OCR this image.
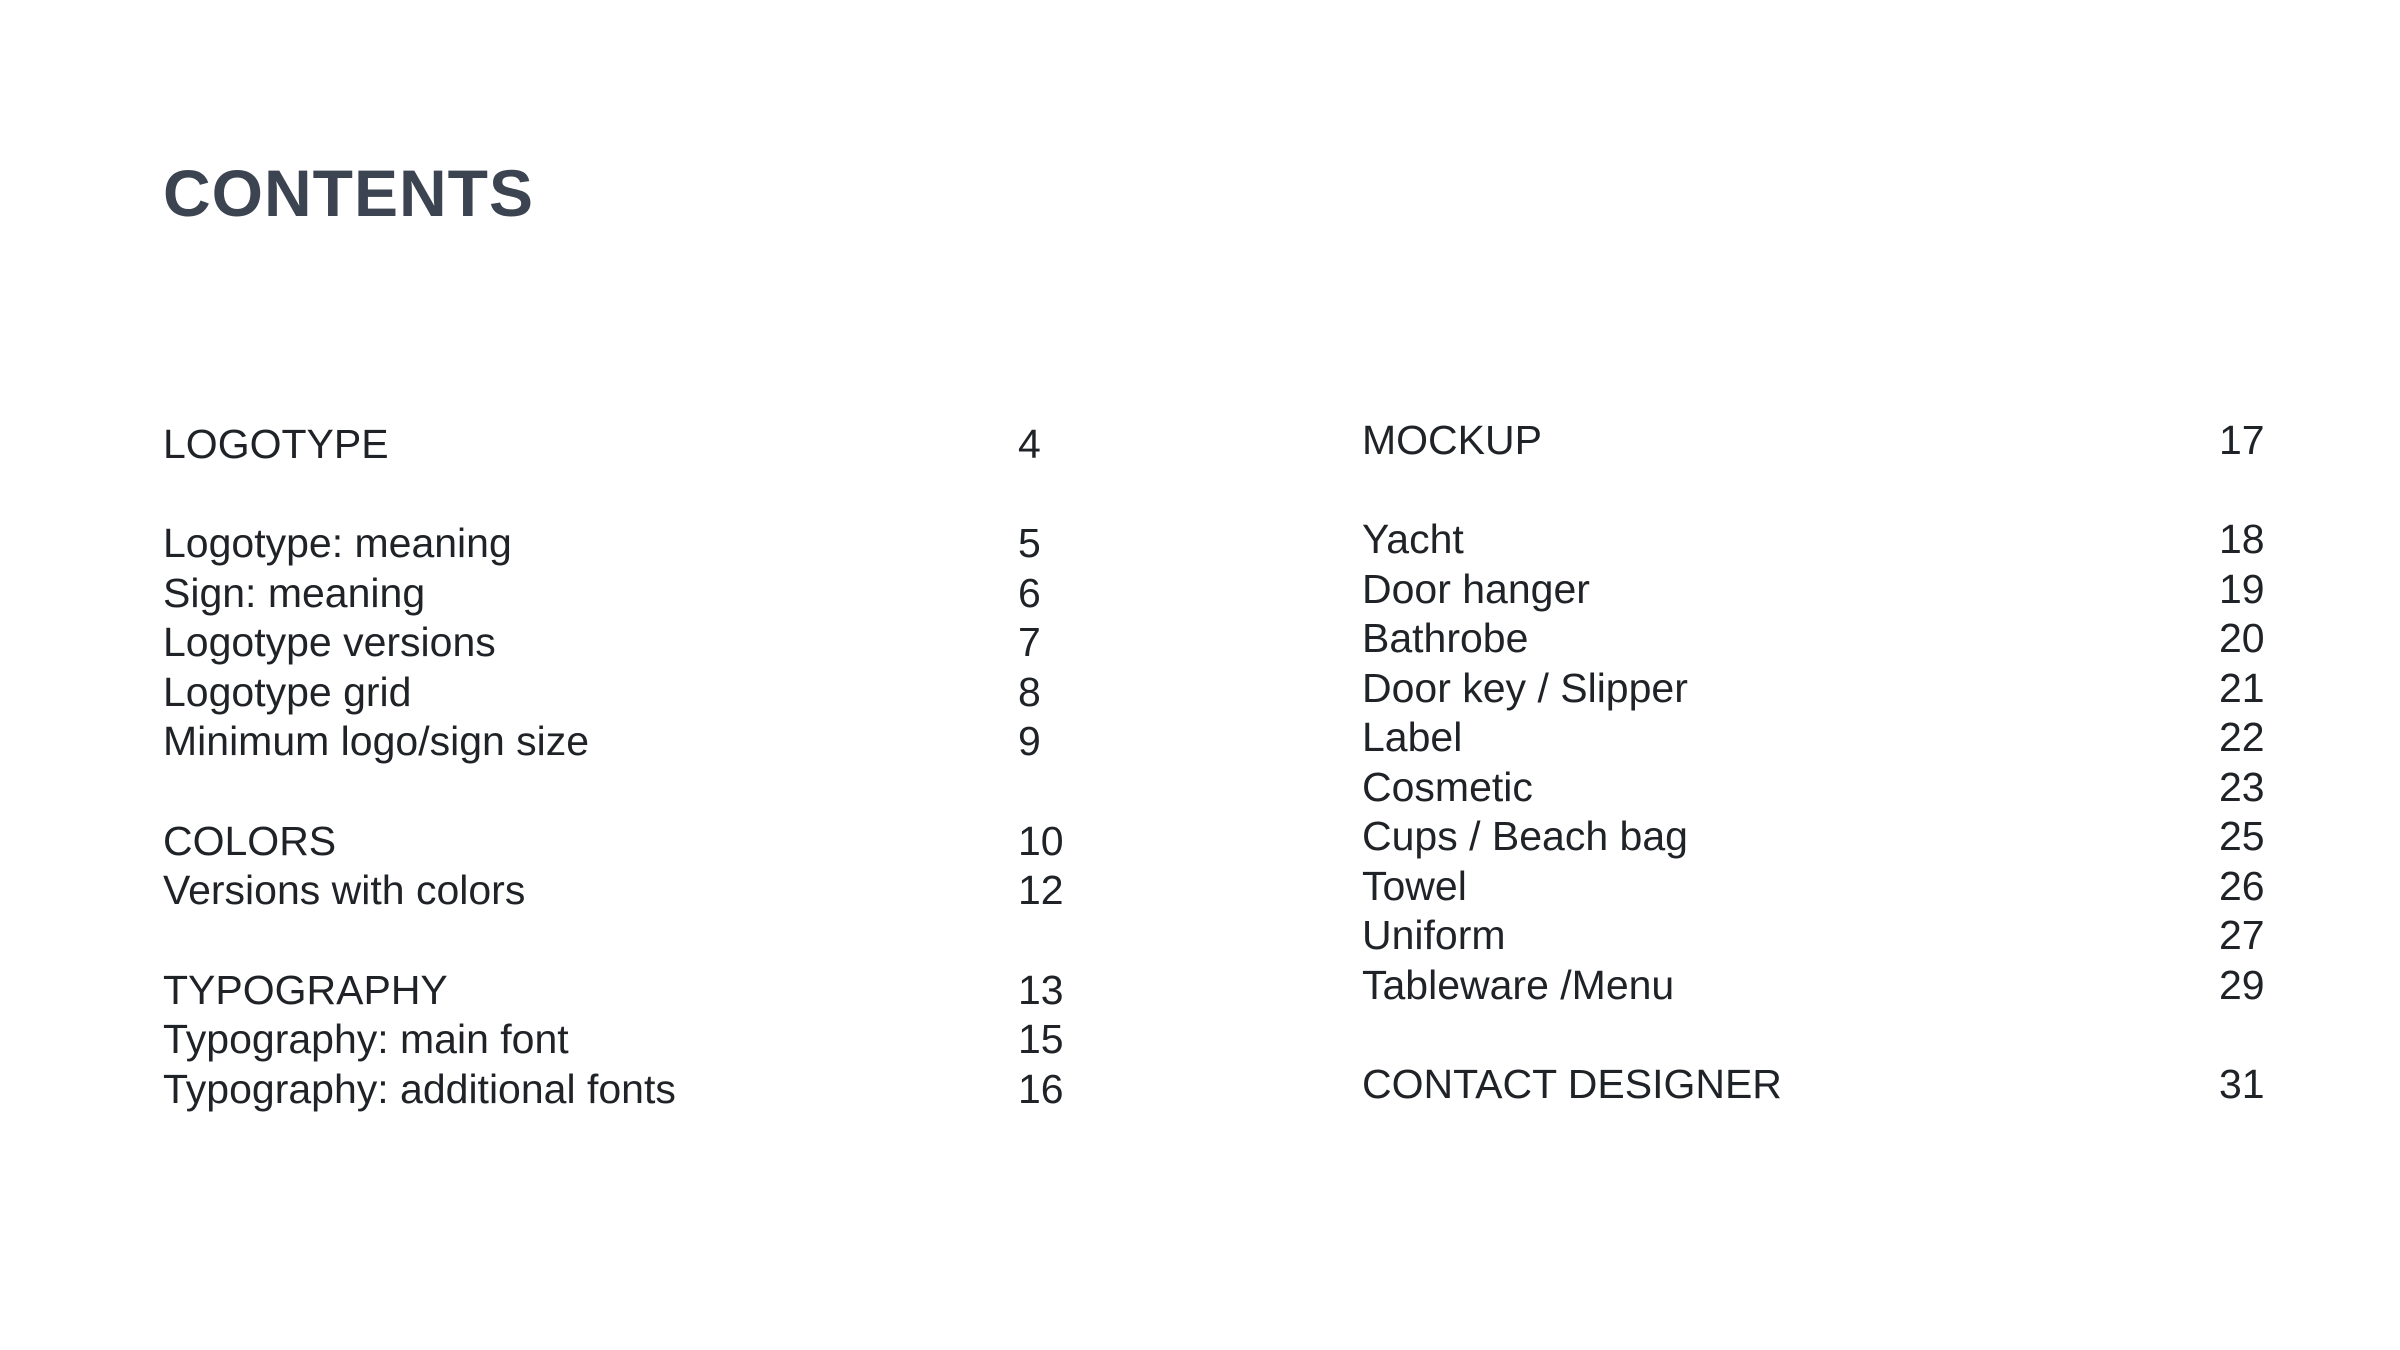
CONTENTS
LOGOTYPE	4
Logotype: meaning	5
Sign: meaning	6
Logotype versions	7
Logotype grid	8
Minimum logo/sign size	9
COLORS	10
Versions with colors	12
TYPOGRAPHY	13
Typography: main font	15
Typography: additional fonts	16
MOCKUP	17
Yacht	18
Door hanger	19
Bathrobe	20
Door key / Slipper	21
Label	22
Cosmetic	23
Cups / Beach bag	25
Towel	26
Uniform	27
Tableware /Menu	29
CONTACT DESIGNER	31
